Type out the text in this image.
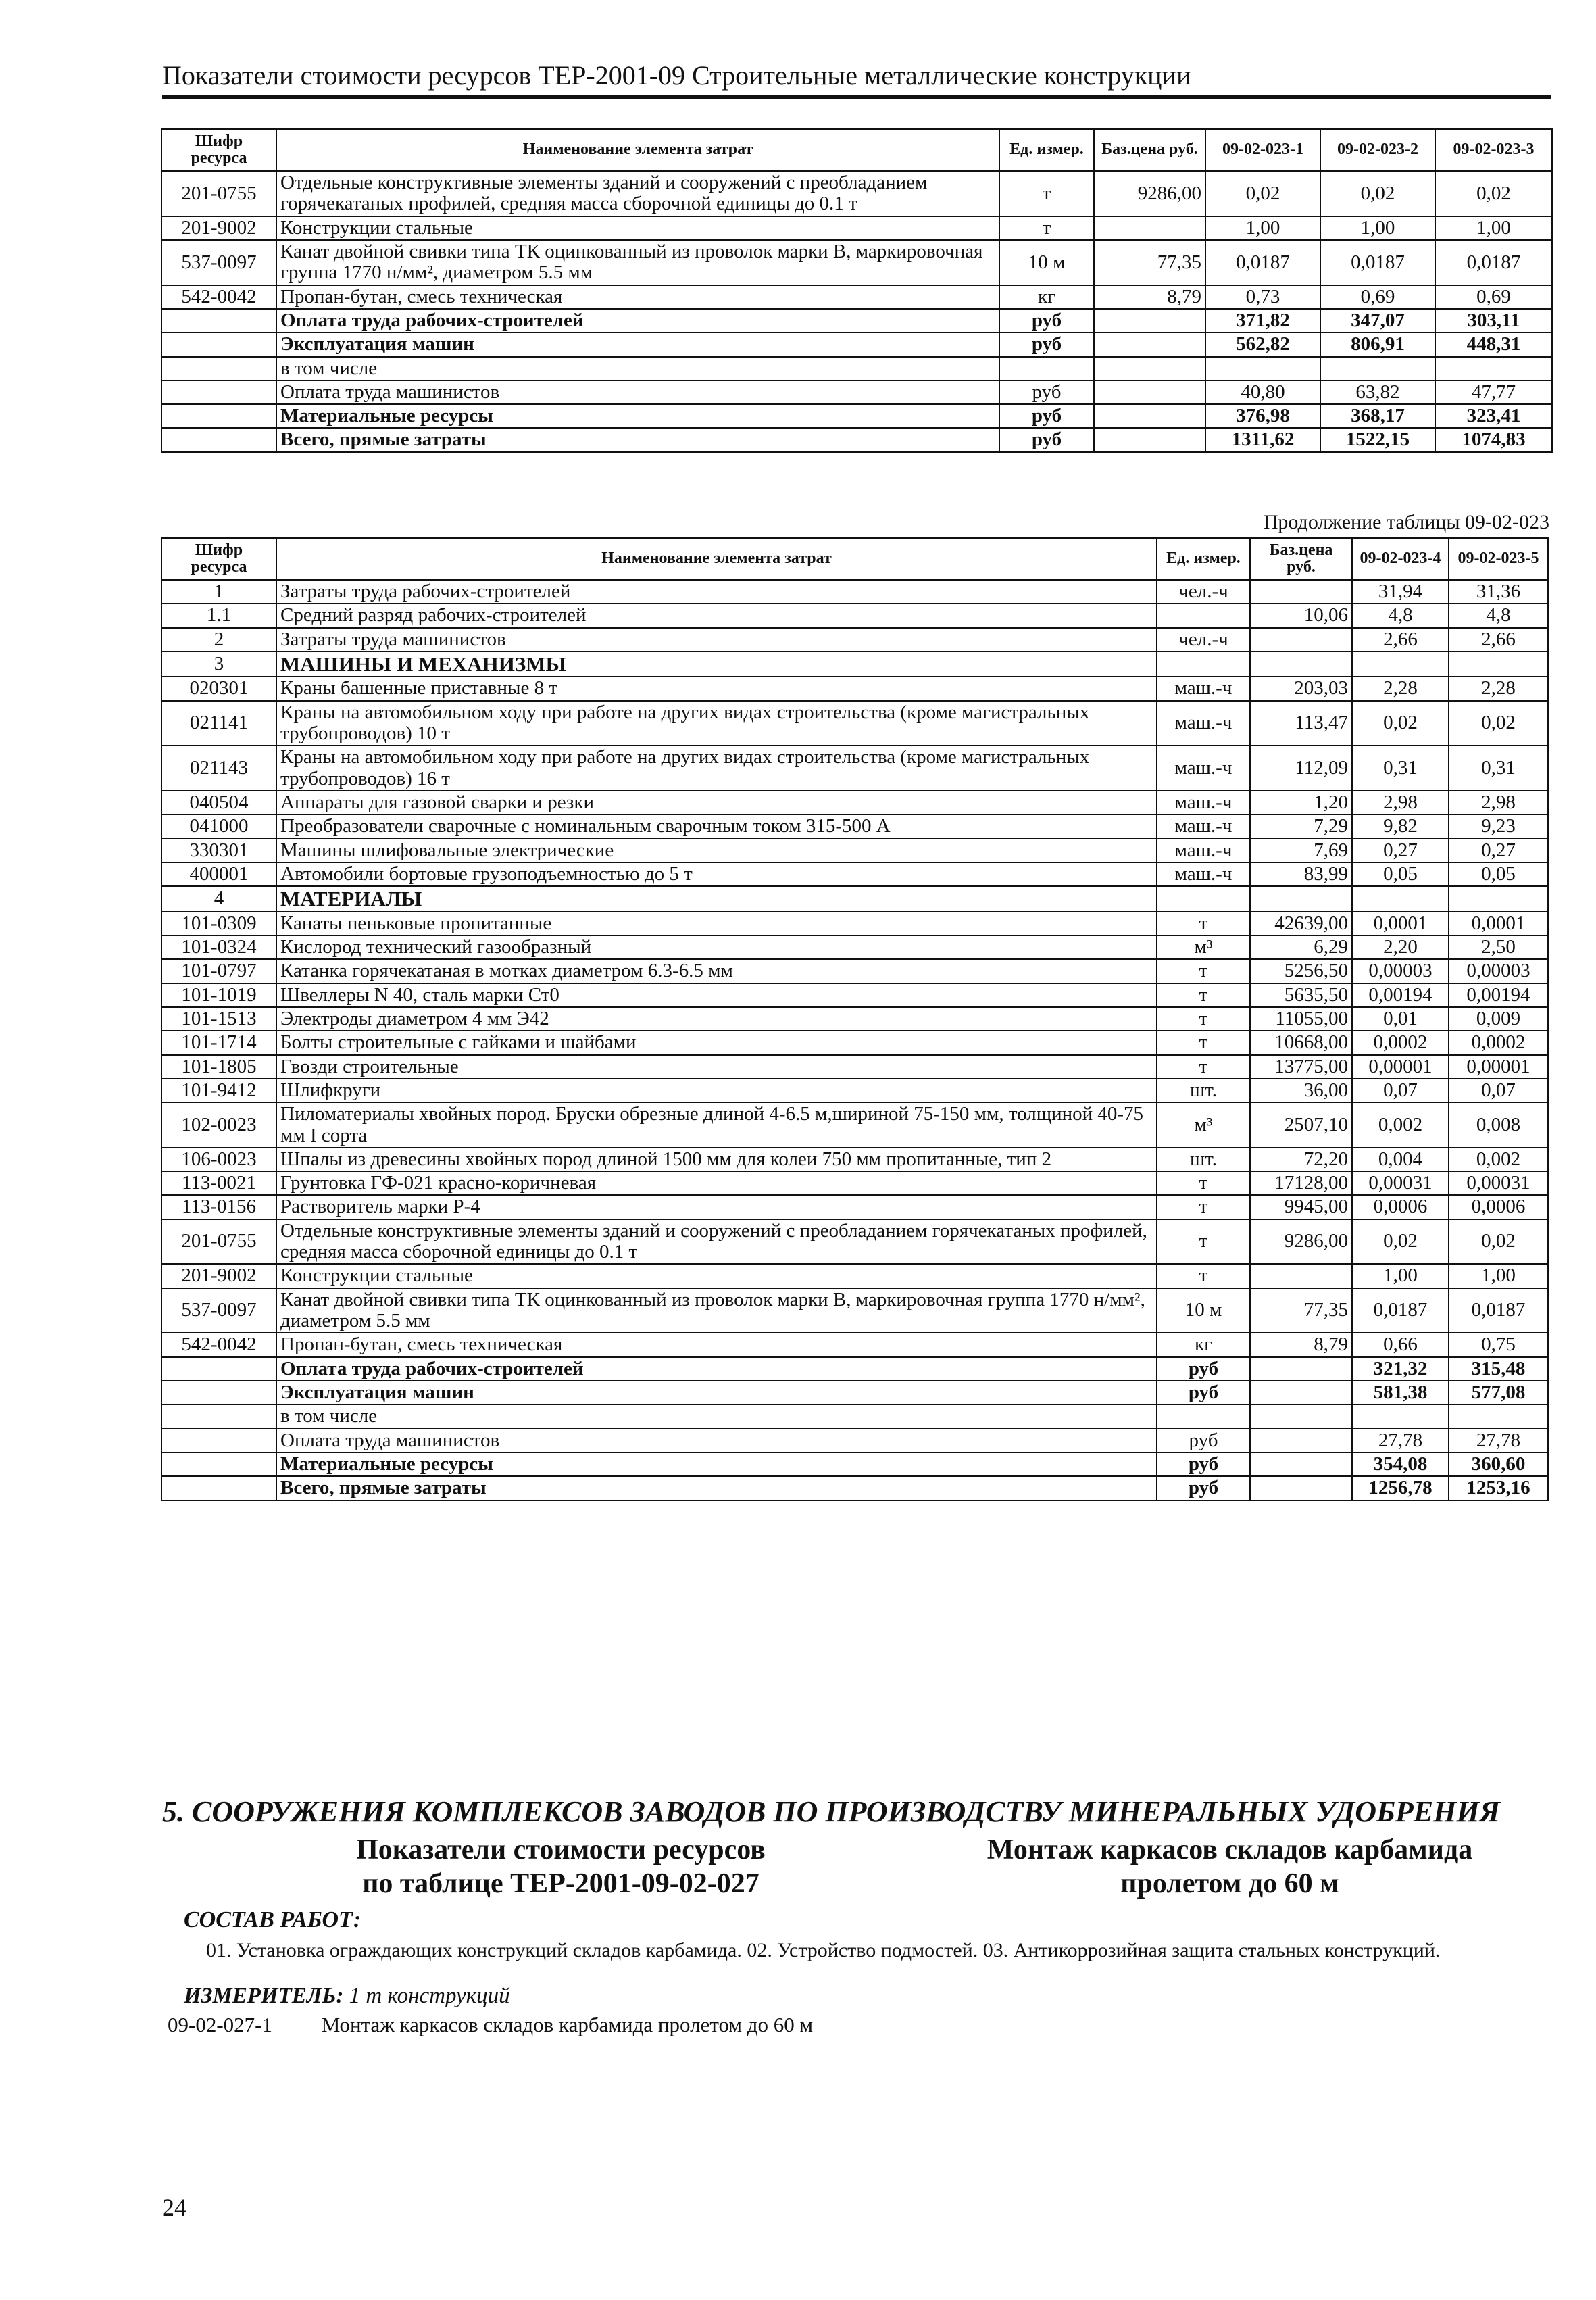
Показатели стоимости ресурсов ТЕР-2001-09 Строительные металлические конструкции
Шифр ресурса	Наименование элемента затрат	Ед. измер.	Баз.цена руб.	09-02-023-1	09-02-023-2	09-02-023-3
201-0755	Отдельные конструктивные элементы зданий и сооружений с преобладанием горячекатаных профилей, средняя масса сборочной единицы до 0.1 т	т	9286,00	0,02	0,02	0,02
201-9002	Конструкции стальные	т		1,00	1,00	1,00
537-0097	Канат двойной свивки типа ТК оцинкованный из проволок марки В, маркировочная группа 1770 н/мм², диаметром 5.5 мм	10 м	77,35	0,0187	0,0187	0,0187
542-0042	Пропан-бутан, смесь техническая	кг	8,79	0,73	0,69	0,69
	Оплата труда рабочих-строителей	руб		371,82	347,07	303,11
	Эксплуатация машин	руб		562,82	806,91	448,31
	в том числе					
	Оплата труда машинистов	руб		40,80	63,82	47,77
	Материальные ресурсы	руб		376,98	368,17	323,41
	Всего, прямые затраты	руб		1311,62	1522,15	1074,83
Продолжение таблицы 09-02-023
Шифр ресурса	Наименование элемента затрат	Ед. измер.	Баз.цена руб.	09-02-023-4	09-02-023-5
1	Затраты труда рабочих-строителей	чел.-ч		31,94	31,36
1.1	Средний разряд рабочих-строителей		10,06	4,8	4,8
2	Затраты труда машинистов	чел.-ч		2,66	2,66
3	МАШИНЫ И МЕХАНИЗМЫ				
020301	Краны башенные приставные 8 т	маш.-ч	203,03	2,28	2,28
021141	Краны на автомобильном ходу при работе на других видах строительства (кроме магистральных трубопроводов) 10 т	маш.-ч	113,47	0,02	0,02
021143	Краны на автомобильном ходу при работе на других видах строительства (кроме магистральных трубопроводов) 16 т	маш.-ч	112,09	0,31	0,31
040504	Аппараты для газовой сварки и резки	маш.-ч	1,20	2,98	2,98
041000	Преобразователи сварочные с номинальным сварочным током 315-500 А	маш.-ч	7,29	9,82	9,23
330301	Машины шлифовальные электрические	маш.-ч	7,69	0,27	0,27
400001	Автомобили бортовые грузоподъемностью до 5 т	маш.-ч	83,99	0,05	0,05
4	МАТЕРИАЛЫ				
101-0309	Канаты пеньковые пропитанные	т	42639,00	0,0001	0,0001
101-0324	Кислород технический газообразный	м³	6,29	2,20	2,50
101-0797	Катанка горячекатаная в мотках диаметром 6.3-6.5 мм	т	5256,50	0,00003	0,00003
101-1019	Швеллеры N 40, сталь марки Ст0	т	5635,50	0,00194	0,00194
101-1513	Электроды диаметром 4 мм Э42	т	11055,00	0,01	0,009
101-1714	Болты строительные с гайками и шайбами	т	10668,00	0,0002	0,0002
101-1805	Гвозди строительные	т	13775,00	0,00001	0,00001
101-9412	Шлифкруги	шт.	36,00	0,07	0,07
102-0023	Пиломатериалы хвойных пород. Бруски обрезные длиной 4-6.5 м,шириной 75-150 мм, толщиной 40-75 мм I сорта	м³	2507,10	0,002	0,008
106-0023	Шпалы из древесины хвойных пород длиной 1500 мм для колеи 750 мм пропитанные, тип 2	шт.	72,20	0,004	0,002
113-0021	Грунтовка ГФ-021 красно-коричневая	т	17128,00	0,00031	0,00031
113-0156	Растворитель марки Р-4	т	9945,00	0,0006	0,0006
201-0755	Отдельные конструктивные элементы зданий и сооружений с преобладанием горячекатаных профилей, средняя масса сборочной единицы до 0.1 т	т	9286,00	0,02	0,02
201-9002	Конструкции стальные	т		1,00	1,00
537-0097	Канат двойной свивки типа ТК оцинкованный из проволок марки В, маркировочная группа 1770 н/мм², диаметром 5.5 мм	10 м	77,35	0,0187	0,0187
542-0042	Пропан-бутан, смесь техническая	кг	8,79	0,66	0,75
	Оплата труда рабочих-строителей	руб		321,32	315,48
	Эксплуатация машин	руб		581,38	577,08
	в том числе				
	Оплата труда машинистов	руб		27,78	27,78
	Материальные ресурсы	руб		354,08	360,60
	Всего, прямые затраты	руб		1256,78	1253,16
5. СООРУЖЕНИЯ КОМПЛЕКСОВ ЗАВОДОВ ПО ПРОИЗВОДСТВУ МИНЕРАЛЬНЫХ УДОБРЕНИЯ
Показатели стоимости ресурсов
по таблице ТЕР-2001-09-02-027
Монтаж каркасов складов карбамида
пролетом до 60 м
СОСТАВ РАБОТ:
01. Установка ограждающих конструкций складов карбамида. 02. Устройство подмостей. 03. Антикоррозийная защита стальных конструкций.
ИЗМЕРИТЕЛЬ: 1 т конструкций
09-02-027-1 Монтаж каркасов складов карбамида пролетом до 60 м
24
